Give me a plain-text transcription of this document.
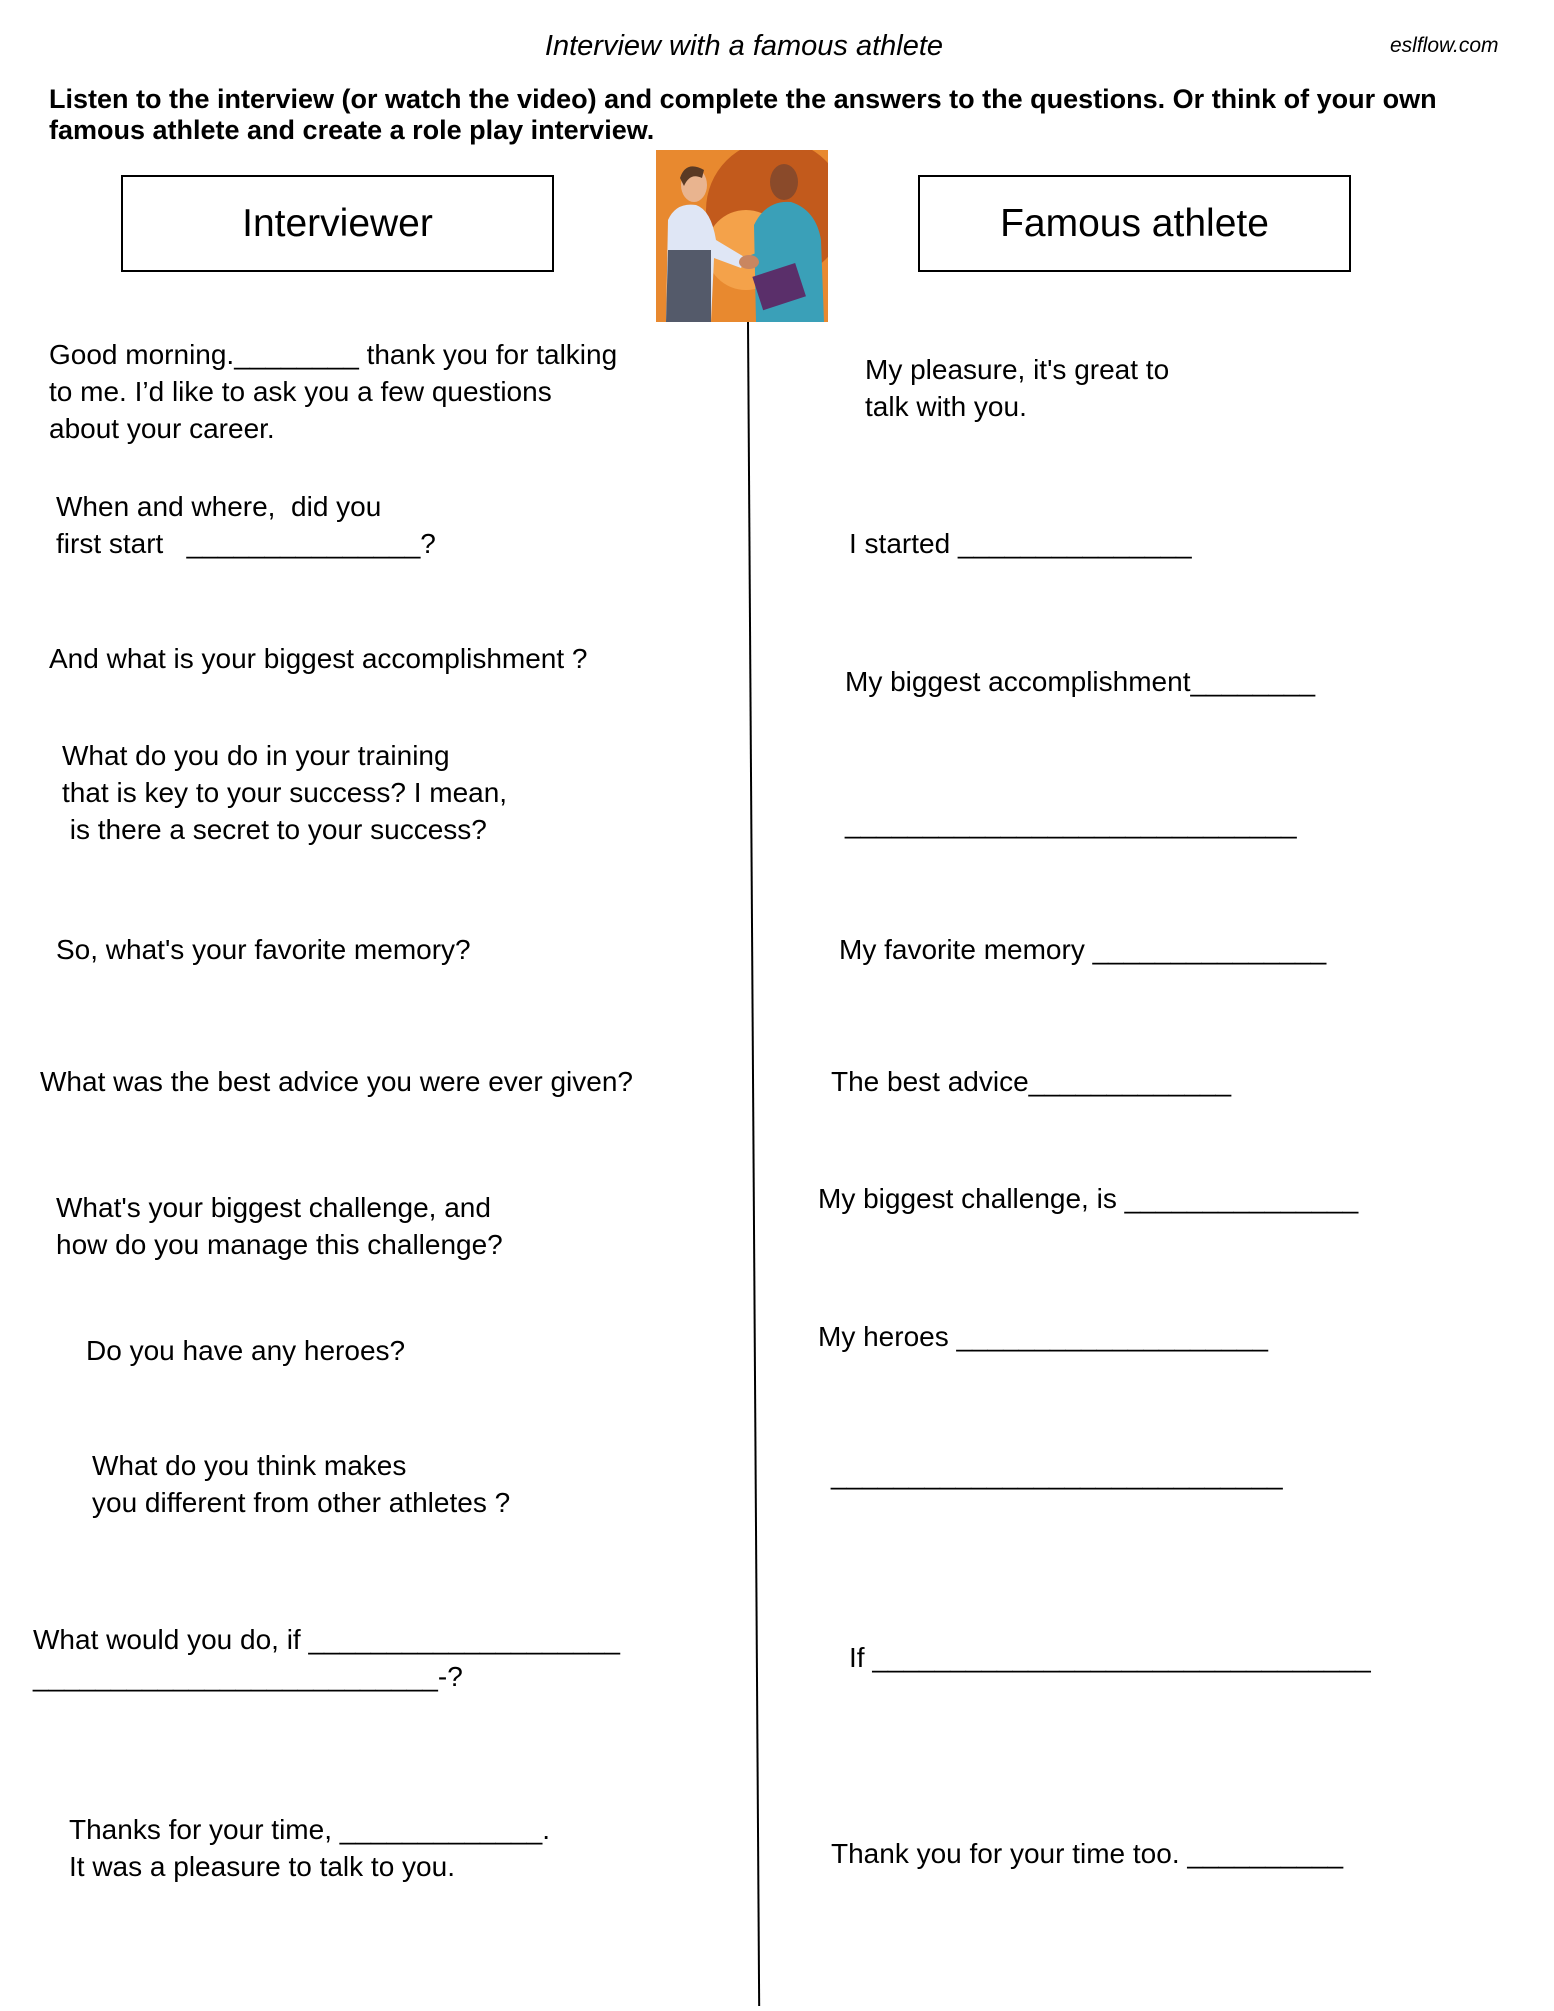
Interview with a famous athlete	eslflow.com
Listen to the interview (or watch the video) and complete the answers to the questions. Or think of your own famous athlete and create a role play interview.
Interviewer	Famous athlete
Good morning.________ thank you for talking
to me. I’d like to ask you a few questions
about your career.
When and where,  did you
first start   _______________?
And what is your biggest accomplishment ?
What do you do in your training
that is key to your success? I mean,
is there a secret to your success?
So, what's your favorite memory?
What was the best advice you were ever given?
What's your biggest challenge, and
how do you manage this challenge?
Do you have any heroes?
What do you think makes
you different from other athletes ?
What would you do, if ____________________
__________________________-?
Thanks for your time, _____________.
It was a pleasure to talk to you.
My pleasure, it's great to
talk with you.
I started _______________
My biggest accomplishment________
_____________________________
My favorite memory _______________
The best advice_____________
My biggest challenge, is _______________
My heroes ____________________
_____________________________
If ________________________________
Thank you for your time too. __________
